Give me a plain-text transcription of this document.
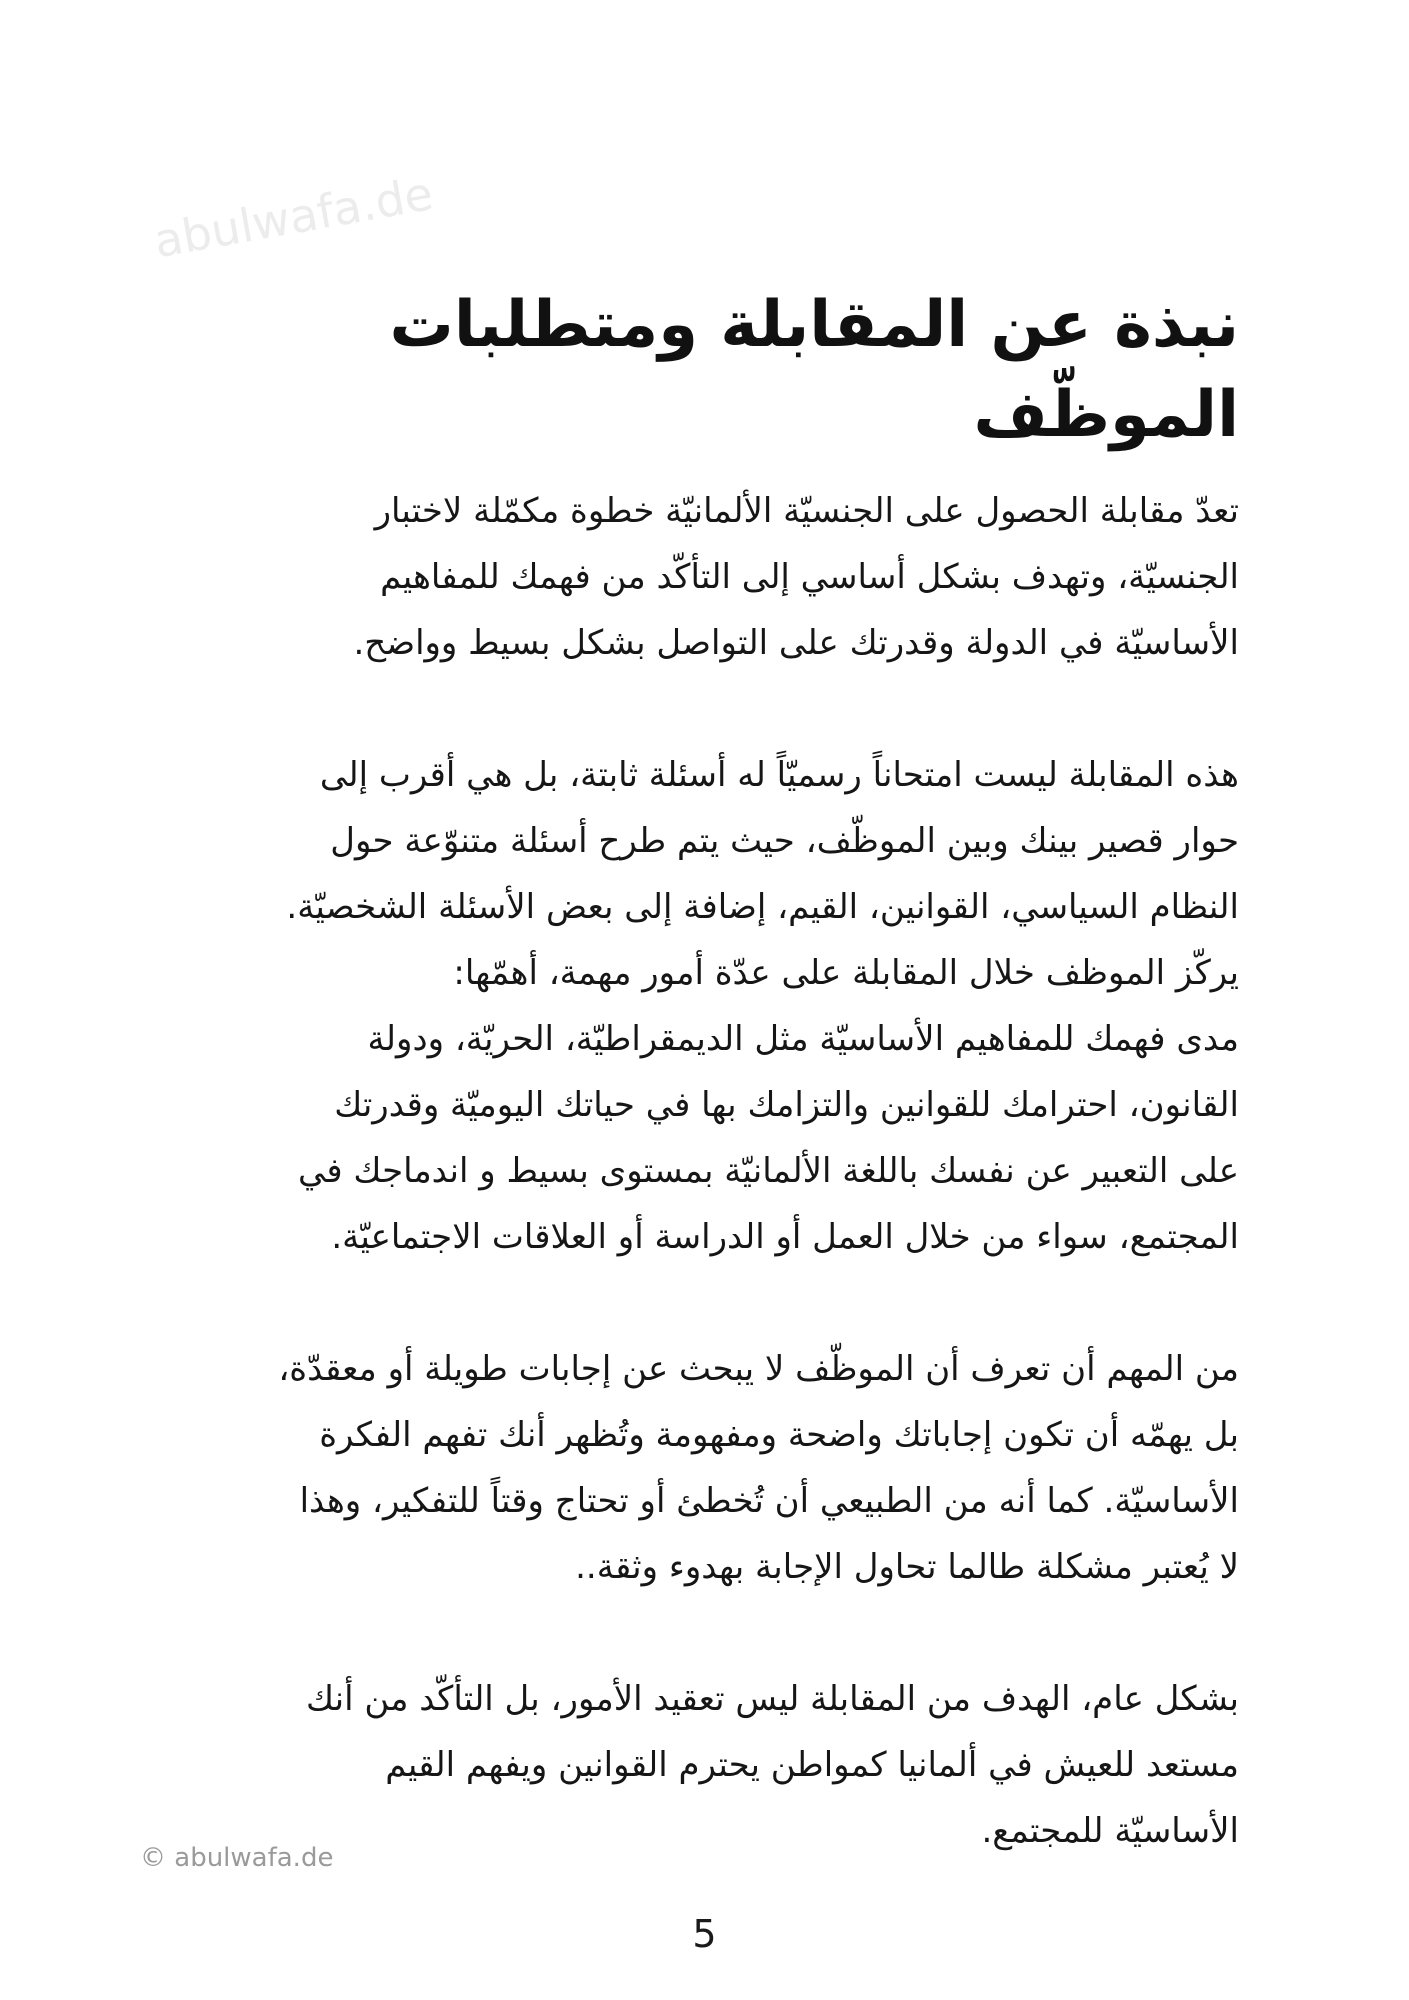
abulwafa.de
نبذة عن المقابلة ومتطلبات الموظّف

تعدّ مقابلة الحصول على الجنسيّة الألمانيّة خطوة مكمّلة لاختبار
الجنسيّة، وتهدف بشكل أساسي إلى التأكّد من فهمك للمفاهيم
الأساسيّة في الدولة وقدرتك على التواصل بشكل بسيط وواضح.

هذه المقابلة ليست امتحاناً رسميّاً له أسئلة ثابتة، بل هي أقرب إلى
حوار قصير بينك وبين الموظّف، حيث يتم طرح أسئلة متنوّعة حول
النظام السياسي، القوانين، القيم، إضافة إلى بعض الأسئلة الشخصيّة.
يركّز الموظف خلال المقابلة على عدّة أمور مهمة، أهمّها:
مدى فهمك للمفاهيم الأساسيّة مثل الديمقراطيّة، الحريّة، ودولة
القانون، احترامك للقوانين والتزامك بها في حياتك اليوميّة وقدرتك
على التعبير عن نفسك باللغة الألمانيّة بمستوى بسيط و اندماجك في
المجتمع، سواء من خلال العمل أو الدراسة أو العلاقات الاجتماعيّة.

من المهم أن تعرف أن الموظّف لا يبحث عن إجابات طويلة أو معقدّة،
بل يهمّه أن تكون إجاباتك واضحة ومفهومة وتُظهر أنك تفهم الفكرة
الأساسيّة. كما أنه من الطبيعي أن تُخطئ أو تحتاج وقتاً للتفكير، وهذا
لا يُعتبر مشكلة طالما تحاول الإجابة بهدوء وثقة..

بشكل عام، الهدف من المقابلة ليس تعقيد الأمور، بل التأكّد من أنك
مستعد للعيش في ألمانيا كمواطن يحترم القوانين ويفهم القيم
الأساسيّة للمجتمع.

© abulwafa.de
5
